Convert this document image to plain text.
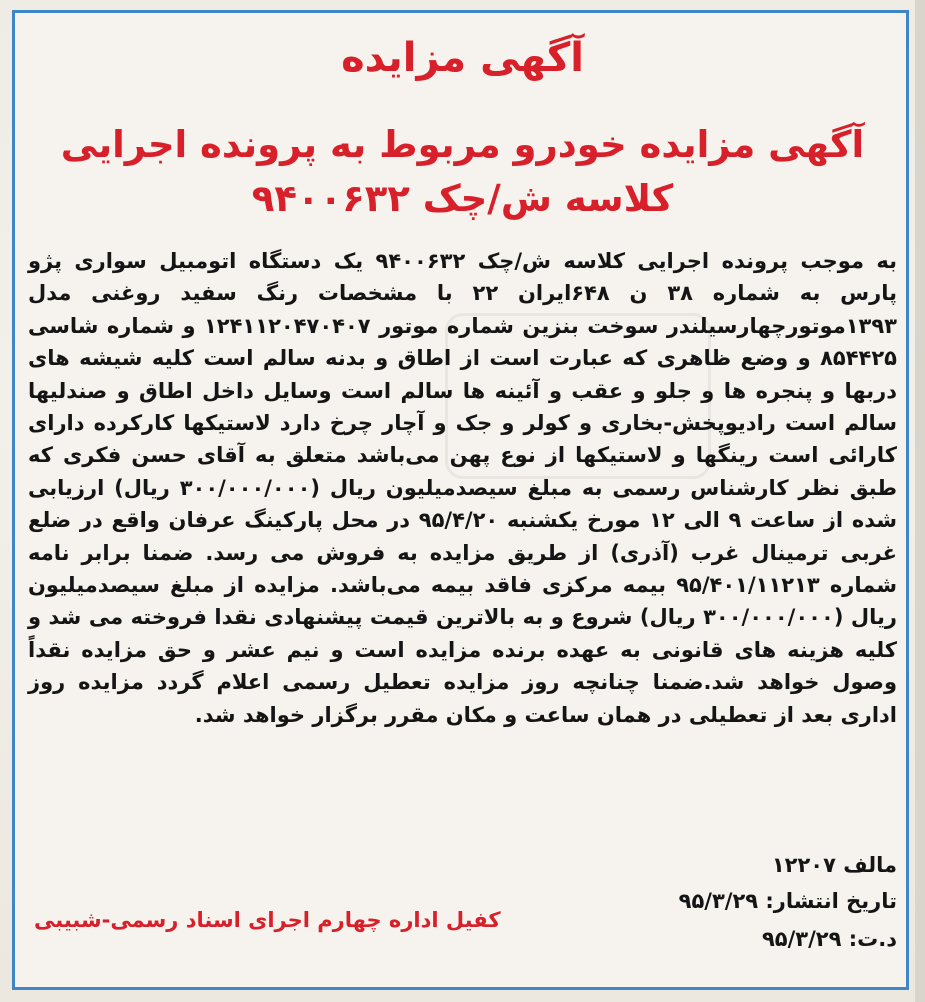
آگهی مزایده
آگهی مزایده خودرو مربوط به پرونده اجرایی کلاسه ش/چک ۹۴۰۰۶۳۲
به موجب پرونده اجرایی کلاسه ش/چک ۹۴۰۰۶۳۲ یک دستگاه اتومبیل سواری پژو پارس به شماره ۳۸ ن ۶۴۸ایران ۲۲ با مشخصات رنگ سفید روغنی مدل ۱۳۹۳موتورچهارسیلندر سوخت بنزین شماره موتور ۱۲۴۱۱۲۰۴۷۰۴۰۷ و شماره شاسی ۸۵۴۴۲۵ و وضع ظاهری که عبارت است از اطاق و بدنه سالم است کلیه شیشه های دربها و پنجره ها و جلو و عقب و آئینه ها سالم است وسایل داخل اطاق و صندلیها سالم است رادیوپخش-بخاری و کولر و جک و آچار چرخ دارد لاستیکها کارکرده دارای کارائی است رینگها و لاستیکها از نوع پهن می‌باشد متعلق به آقای حسن فکری که طبق نظر کارشناس رسمی به مبلغ سیصدمیلیون ریال (۳۰۰/۰۰۰/۰۰۰ ریال) ارزیابی شده از ساعت ۹ الی ۱۲ مورخ یکشنبه ۹۵/۴/۲۰ در محل پارکینگ عرفان واقع در ضلع غربی ترمینال غرب (آذری) از طریق مزایده به فروش می رسد. ضمنا برابر نامه شماره ۹۵/۴۰۱/۱۱۲۱۳ بیمه مرکزی فاقد بیمه می‌باشد. مزایده از مبلغ سیصدمیلیون ریال (۳۰۰/۰۰۰/۰۰۰ ریال) شروع و به بالاترین قیمت پیشنهادی نقدا فروخته می شد و کلیه هزینه های قانونی به عهده برنده مزایده است و نیم عشر و حق مزایده نقداً وصول خواهد شد.ضمنا چنانچه روز مزایده تعطیل رسمی اعلام گردد مزایده روز اداری بعد از تعطیلی در همان ساعت و مکان مقرر برگزار خواهد شد.
مالف ۱۲۲۰۷
تاریخ انتشار: ۹۵/۳/۲۹
د.ت: ۹۵/۳/۲۹
کفیل اداره چهارم اجرای اسناد رسمی-شبیبی
